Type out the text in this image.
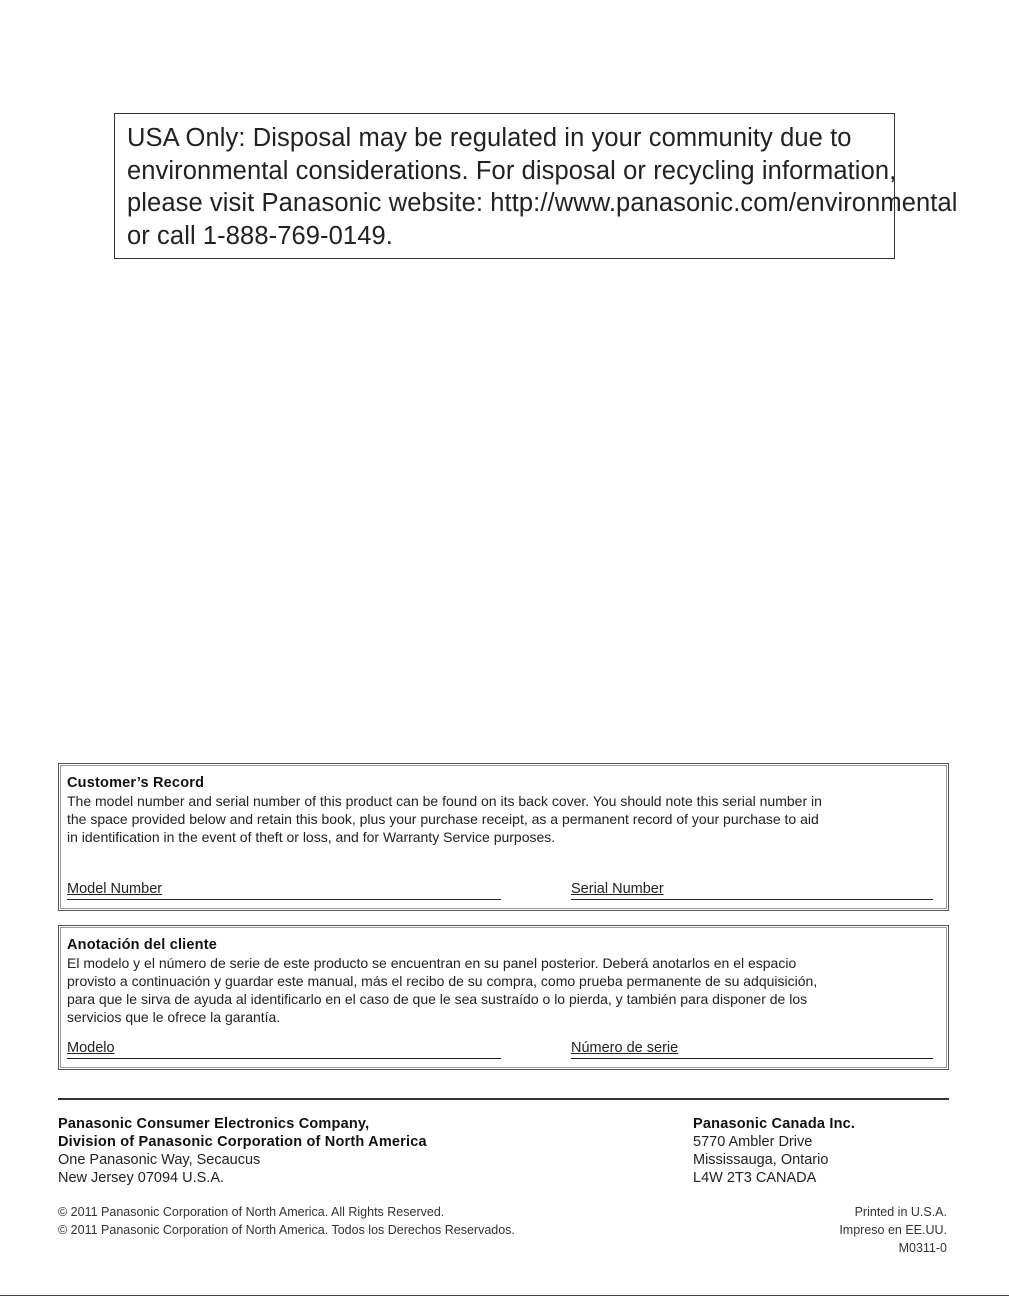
USA Only: Disposal may be regulated in your community due to

environmental considerations. For disposal or recycling information,

please visit Panasonic website: http://www.panasonic.com/environmental

or call 1-888-769-0149.

Customer’s Record
The model number and serial number of this product can be found on its back cover. You should note this serial number in
the space provided below and retain this book, plus your purchase receipt, as a permanent record of your purchase to aid
in identification in the event of theft or loss, and for Warranty Service purposes.
Model Number	Serial Number
Anotación del cliente
El modelo y el número de serie de este producto se encuentran en su panel posterior. Deberá anotarlos en el espacio
provisto a continuación y guardar este manual, más el recibo de su compra, como prueba permanente de su adquisición,
para que le sirva de ayuda al identificarlo en el caso de que le sea sustraído o lo pierda, y también para disponer de los
servicios que le ofrece la garantía.
Modelo	Número de serie
Panasonic Consumer Electronics Company,
Division of Panasonic Corporation of North America
One Panasonic Way, Secaucus
New Jersey 07094 U.S.A.
Panasonic Canada Inc.
5770 Ambler Drive
Mississauga, Ontario
L4W 2T3 CANADA
© 2011 Panasonic Corporation of North America. All Rights Reserved.
© 2011 Panasonic Corporation of North America. Todos los Derechos Reservados.
Printed in U.S.A.
Impreso en EE.UU.
M0311-0
